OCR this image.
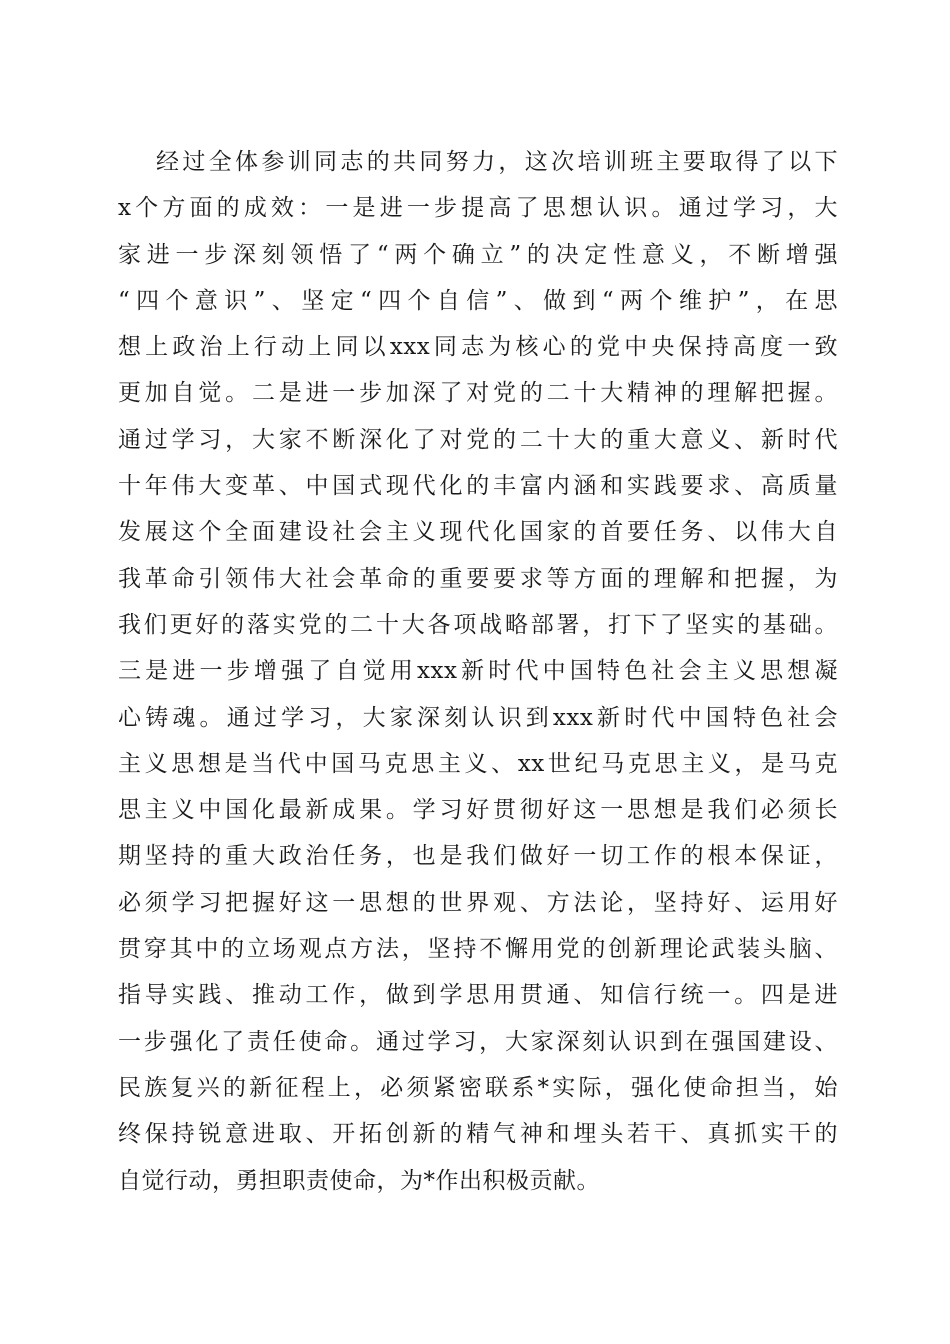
经过全体参训同志的共同努力，这次培训班主要取得了以下
x个方面的成效：一是进一步提高了思想认识。通过学习，大
家进一步深刻领悟了“两个确立”的决定性意义，不断增强
“四个意识”、坚定“四个自信”、做到“两个维护”，在思
想上政治上行动上同以xxx同志为核心的党中央保持高度一致
更加自觉。二是进一步加深了对党的二十大精神的理解把握。
通过学习，大家不断深化了对党的二十大的重大意义、新时代
十年伟大变革、中国式现代化的丰富内涵和实践要求、高质量
发展这个全面建设社会主义现代化国家的首要任务、以伟大自
我革命引领伟大社会革命的重要要求等方面的理解和把握，为
我们更好的落实党的二十大各项战略部署，打下了坚实的基础。
三是进一步增强了自觉用xxx新时代中国特色社会主义思想凝
心铸魂。通过学习，大家深刻认识到xxx新时代中国特色社会
主义思想是当代中国马克思主义、xx世纪马克思主义，是马克
思主义中国化最新成果。学习好贯彻好这一思想是我们必须长
期坚持的重大政治任务，也是我们做好一切工作的根本保证，
必须学习把握好这一思想的世界观、方法论，坚持好、运用好
贯穿其中的立场观点方法，坚持不懈用党的创新理论武装头脑、
指导实践、推动工作，做到学思用贯通、知信行统一。四是进
一步强化了责任使命。通过学习，大家深刻认识到在强国建设、
民族复兴的新征程上，必须紧密联系*实际，强化使命担当，始
终保持锐意进取、开拓创新的精气神和埋头若干、真抓实干的
自觉行动，勇担职责使命，为*作出积极贡献。
